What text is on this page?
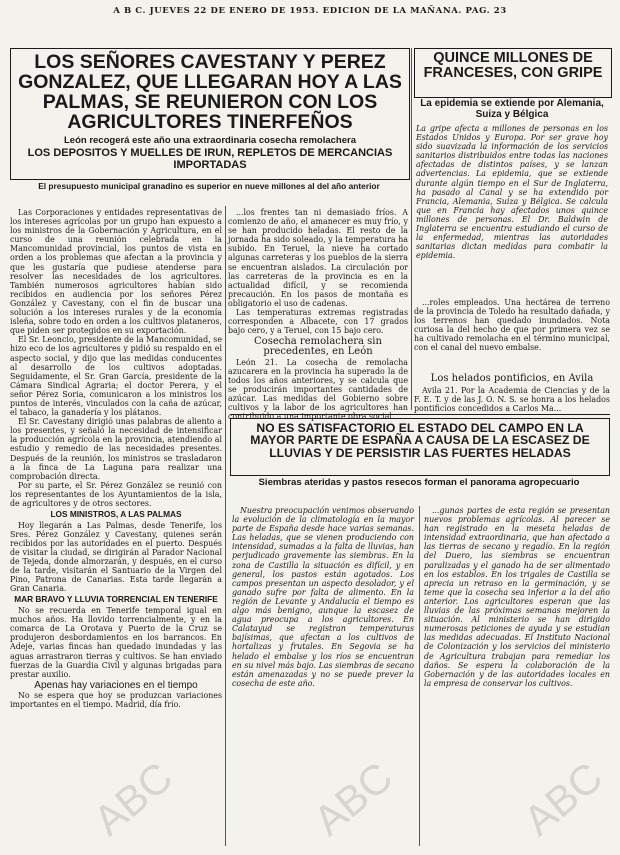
A B C. JUEVES 22 DE ENERO DE 1953. EDICION DE LA MAÑANA. PAG. 23
LOS SEÑORES CAVESTANY Y PEREZ GONZALEZ, QUE LLEGARAN HOY A LAS PALMAS, SE REUNIERON CON LOS AGRICULTORES TINERFEÑOS
León recogerá este año una extraordinaria cosecha remolachera
LOS DEPOSITOS Y MUELLES DE IRUN, REPLETOS DE MERCANCIAS IMPORTADAS
El presupuesto municipal granadino es superior en nueve millones al del año anterior

Las Corporaciones y entidades representativas de los intereses agrícolas por un grupo han expuesto a los ministros de la Gobernación y Agricultura, en el curso de una reunión celebrada en la Mancomunidad provincial, los puntos de vista en orden a los problemas que afectan a la provincia y que les gustaría que pudiese atenderse para resolver las necesidades de los agricultores. También numerosos agricultores habían sido recibidos en audiencia por los señores Pérez González y Cavestany, con el fin de buscar una solución a los intereses rurales y de la economía isleña, sobre todo en orden a los cultivos plataneros, que piden ser protegidos en su exportación.

El Sr. Leoncio, presidente de la Mancomunidad, se hizo eco de los agricultores y pidió su respaldo en el aspecto social, y dijo que las medidas conducentes al desarrollo de los cultivos adoptadas. Seguidamente, el Sr. Gran García, presidente de la Cámara Sindical Agraria; el doctor Perera, y el señor Pérez Soria, comunicaron a los ministros los puntos de interés, vinculados con la caña de azúcar, el tabaco, la ganadería y los plátanos.

El Sr. Cavestany dirigió unas palabras de aliento a los presentes, y señaló la necesidad de intensificar la producción agrícola en la provincia, atendiendo al estudio y remedio de las necesidades presentes. Después de la reunión, los ministros se trasladaron a la finca de La Laguna para realizar una comprobación directa.

Por su parte, el Sr. Pérez González se reunió con los representantes de los Ayuntamientos de la isla, de agricultores y de otros sectores.

LOS MINISTROS, A LAS PALMAS

Hoy llegarán a Las Palmas, desde Tenerife, los Sres. Pérez González y Cavestany, quienes serán recibidos por las autoridades en el puerto. Después de visitar la ciudad, se dirigirán al Parador Nacional de Tejeda, donde almorzarán, y después, en el curso de la tarde, visitarán el Santuario de la Virgen del Pino, Patrona de Canarias. Esta tarde llegarán a Gran Canaria.

MAR BRAVO Y LLUVIA TORRENCIAL EN TENERIFE

No se recuerda en Tenerife temporal igual en muchos años. Ha llovido torrencialmente, y en la comarca de La Orotava y Puerto de la Cruz se produjeron desbordamientos en los barrancos. En Adeje, varias fincas han quedado inundadas y las aguas arrastraron tierras y cultivos. Se han enviado fuerzas de la Guardia Civil y algunas brigadas para prestar auxilio.

Apenas hay variaciones en el tiempo

No se espera que hoy se produzcan variaciones importantes en el tiempo. Madrid, día frío.

...los frentes tan ni demasiado fríos. A comienzo de año, el amanecer es muy frío, y se han producido heladas. El resto de la jornada ha sido soleado, y la temperatura ha subido. En Teruel, la nieve ha cortado algunas carreteras y los pueblos de la sierra se encuentran aislados. La circulación por las carreteras de la provincia es en la actualidad difícil, y se recomienda precaución. En los pasos de montaña es obligatorio el uso de cadenas.

Las temperaturas extremas registradas corresponden a Albacete, con 17 grados bajo cero, y a Teruel, con 15 bajo cero.

Cosecha remolachera sin precedentes, en León

León 21. La cosecha de remolacha azucarera en la provincia ha superado la de todos los años anteriores, y se calcula que se producirán importantes cantidades de azúcar. Las medidas del Gobierno sobre cultivos y la labor de los agricultores han contribuido a una importante obra social.

QUINCE MILLONES DE FRANCESES, CON GRIPE
La epidemia se extiende por Alemania, Suiza y Bélgica
La gripe afecta a millones de personas en los Estados Unidos y Europa. Por ser grave hoy sido suavizada la información de los servicios sanitarios distribuidos entre todas las naciones afectadas de distintos países, y se lanzan advertencias. La epidemia, que se extiende durante algún tiempo en el Sur de Inglaterra, ha pasado al Canal y se ha extendido por Francia, Alemania, Suiza y Bélgica. Se calcula que en Francia hay afectados unos quince millones de personas. El Dr. Baldwin de Inglaterra se encuentra estudiando el curso de la enfermedad, mientras las autoridades sanitarias dictan medidas para combatir la epidemia.

...roles empleados. Una hectárea de terreno de la provincia de Toledo ha resultado dañada, y los terrenos han quedado inundados. Nota curiosa la del hecho de que por primera vez se ha cultivado remolacha en el término municipal, con el canal del nuevo embalse.

Los helados pontificios, en Avila

Avila 21. Por la Academia de Ciencias y de la F. E. T. y de las J. O. N. S. se honra a los helados pontificios concedidos a Carlos Ma...

NO ES SATISFACTORIO EL ESTADO DEL CAMPO EN LA MAYOR PARTE DE ESPAÑA A CAUSA DE LA ESCASEZ DE LLUVIAS Y DE PERSISTIR LAS FUERTES HELADAS
Siembras ateridas y pastos resecos forman el panorama agropecuario

Nuestra preocupación venimos observando la evolución de la climatología en la mayor parte de España desde hace varias semanas. Las heladas, que se vienen produciendo con intensidad, sumadas a la falta de lluvias, han perjudicado gravemente las siembras. En la zona de Castilla la situación es difícil, y en general, los pastos están agotados. Los campos presentan un aspecto desolador, y el ganado sufre por falta de alimento. En la región de Levante y Andalucía el tiempo es algo más benigno, aunque la escasez de agua preocupa a los agricultores. En Calatayud se registran temperaturas bajísimas, que afectan a los cultivos de hortalizas y frutales. En Segovia se ha helado el embalse y los ríos se encuentran en su nivel más bajo. Las siembras de secano están amenazadas y no se puede prever la cosecha de este año.

...gunas partes de esta región se presentan nuevos problemas agrícolas. Al parecer se han registrado en la meseta heladas de intensidad extraordinaria, que han afectado a las tierras de secano y regadío. En la región del Duero, las siembras se encuentran paralizadas y el ganado ha de ser alimentado en los establos. En los trigales de Castilla se aprecia un retraso en la germinación, y se teme que la cosecha sea inferior a la del año anterior. Los agricultores esperan que las lluvias de las próximas semanas mejoren la situación. Al ministerio se han dirigido numerosas peticiones de ayuda y se estudian las medidas adecuadas. El Instituto Nacional de Colonización y los servicios del ministerio de Agricultura trabajan para remediar los daños. Se espera la colaboración de la Gobernación y de las autoridades locales en la empresa de conservar los cultivos.

ABC	ABC	ABC
